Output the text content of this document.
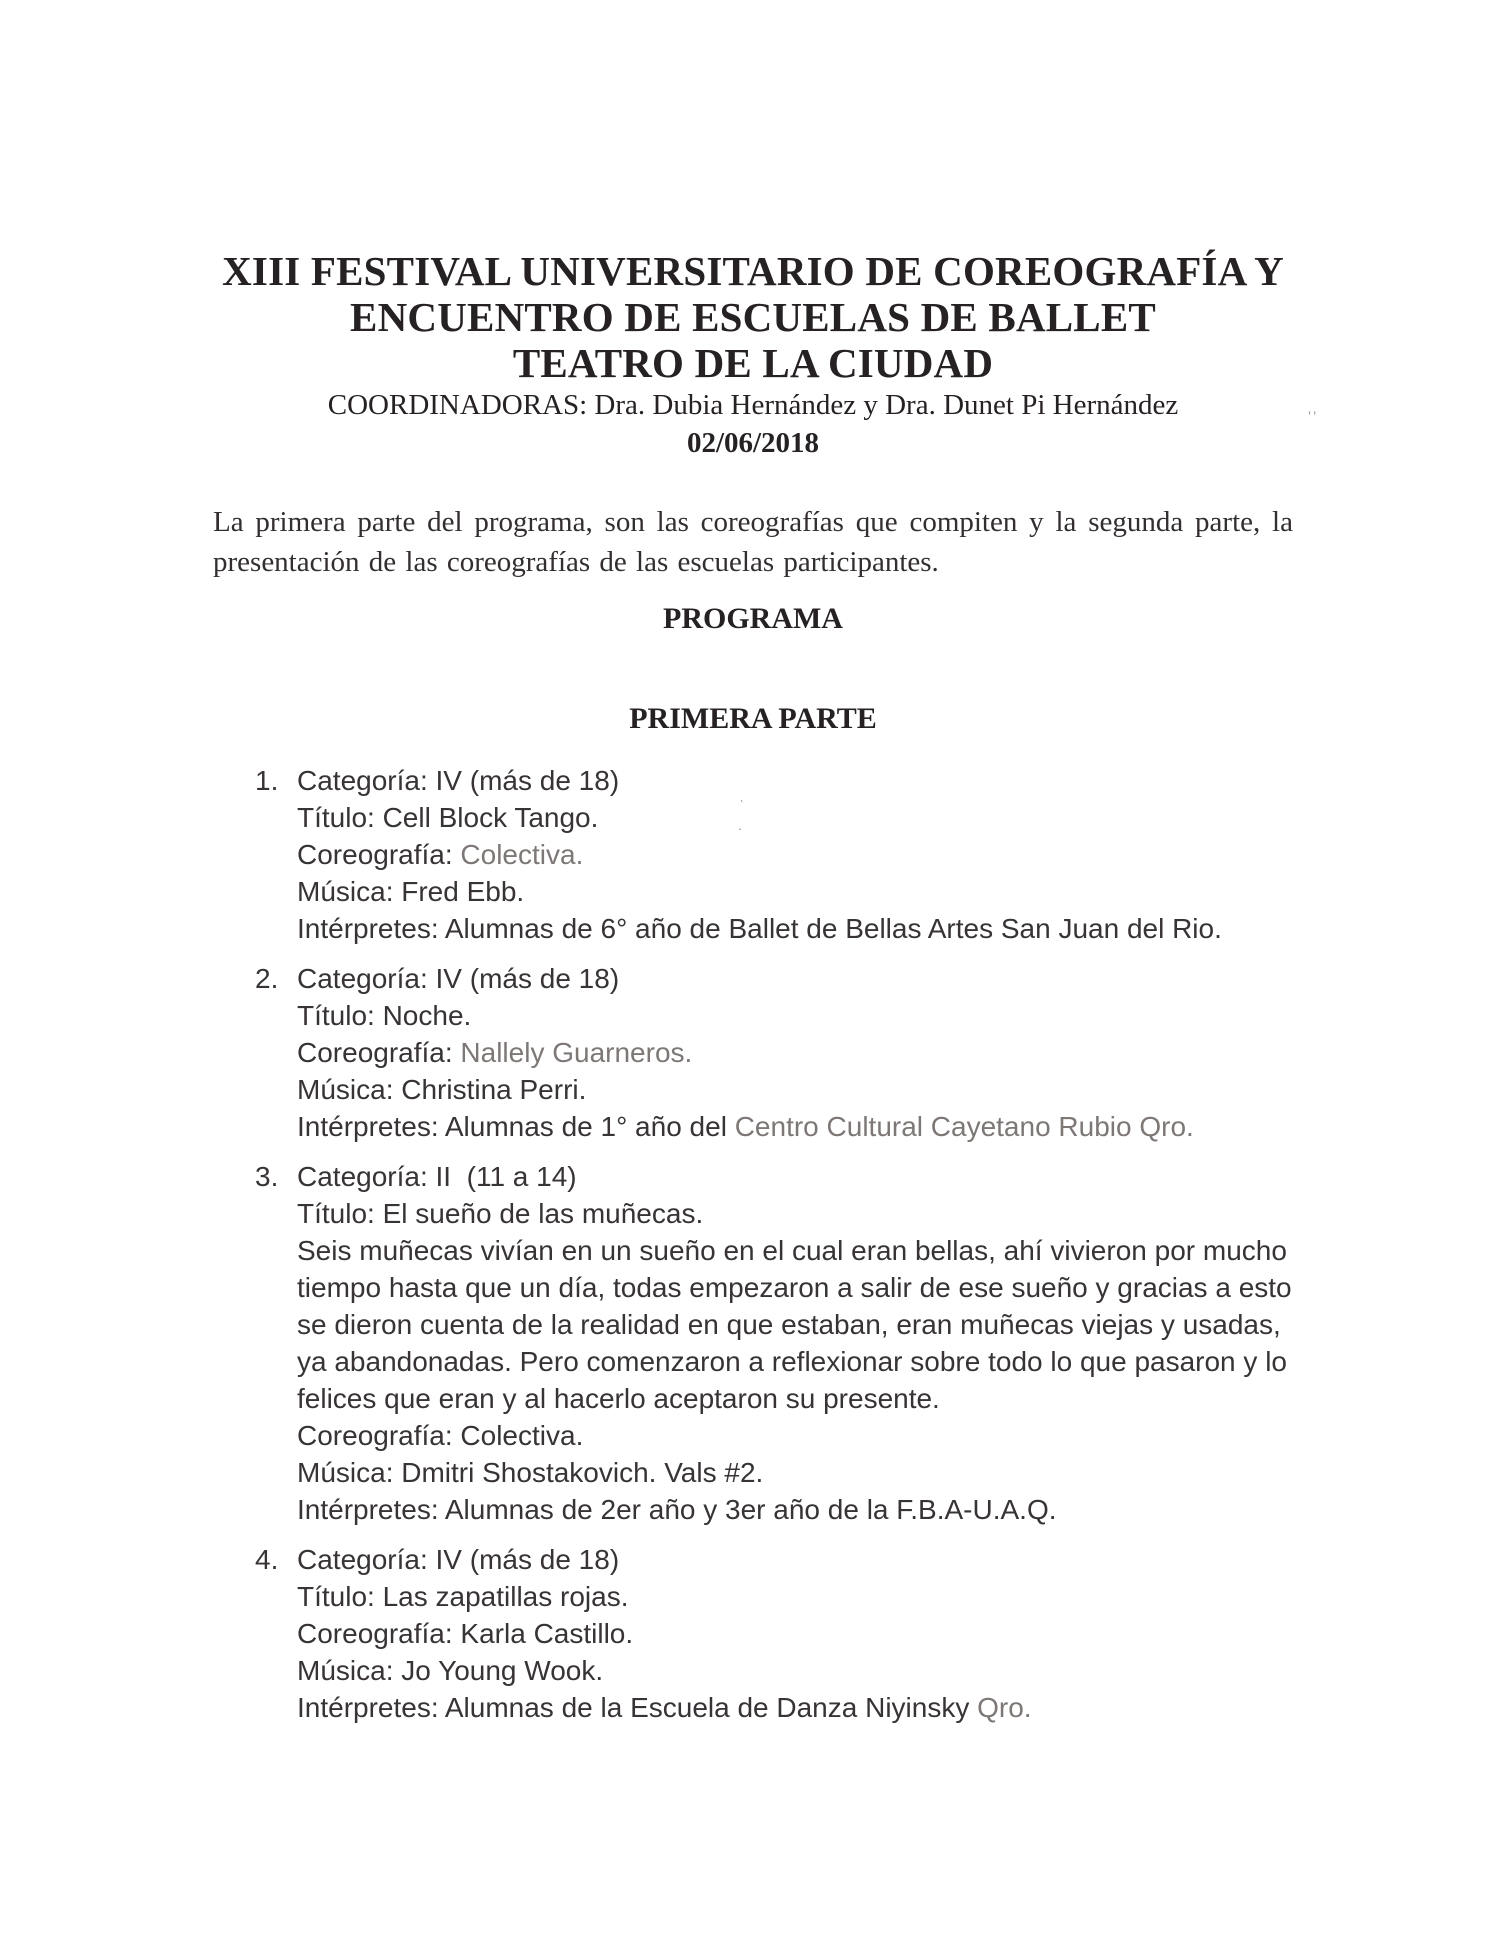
XIII FESTIVAL UNIVERSITARIO DE COREOGRAFÍA Y
ENCUENTRO DE ESCUELAS DE BALLET
TEATRO DE LA CIUDAD
COORDINADORAS: Dra. Dubia Hernández y Dra. Dunet Pi Hernández
02/06/2018

La primera parte del programa, son las coreografías que compiten y la segunda parte, la presentación de las coreografías de las escuelas participantes.

PROGRAMA
PRIMERA PARTE
1. Categoría: IV (más de 18)
Título: Cell Block Tango.
Coreografía: Colectiva.
Música: Fred Ebb.
Intérpretes: Alumnas de 6° año de Ballet de Bellas Artes San Juan del Rio.
2. Categoría: IV (más de 18)
Título: Noche.
Coreografía: Nallely Guarneros.
Música: Christina Perri.
Intérpretes: Alumnas de 1° año del Centro Cultural Cayetano Rubio Qro.
3. Categoría: II  (11 a 14)
Título: El sueño de las muñecas.
Seis muñecas vivían en un sueño en el cual eran bellas, ahí vivieron por mucho tiempo hasta que un día, todas empezaron a salir de ese sueño y gracias a esto se dieron cuenta de la realidad en que estaban, eran muñecas viejas y usadas, ya abandonadas. Pero comenzaron a reflexionar sobre todo lo que pasaron y lo felices que eran y al hacerlo aceptaron su presente.
Coreografía: Colectiva.
Música: Dmitri Shostakovich. Vals #2.
Intérpretes: Alumnas de 2er año y 3er año de la F.B.A-U.A.Q.
4. Categoría: IV (más de 18)
Título: Las zapatillas rojas.
Coreografía: Karla Castillo.
Música: Jo Young Wook.
Intérpretes: Alumnas de la Escuela de Danza Niyinsky Qro.
ʼʼ
ˎ
.
